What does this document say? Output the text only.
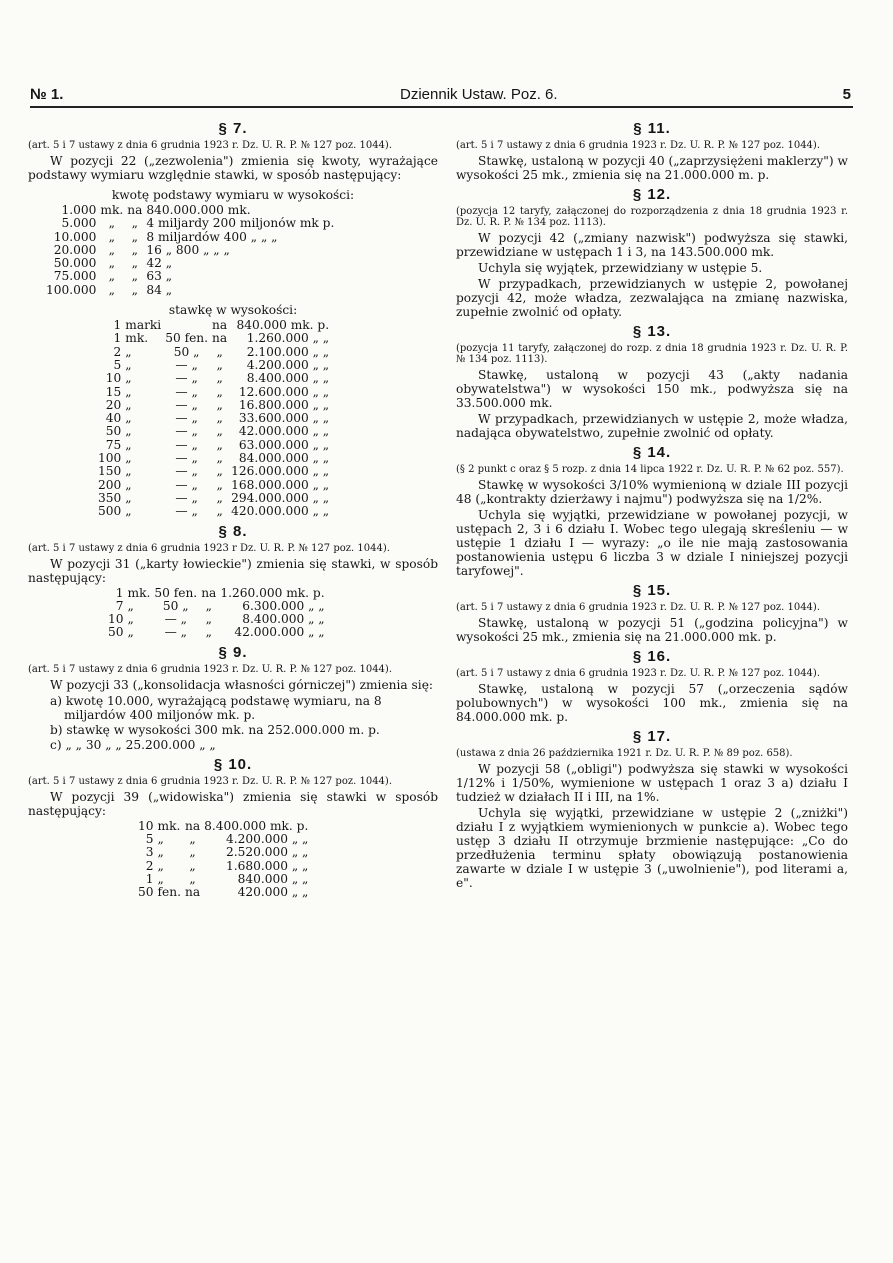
№ 1.	Dziennik Ustaw. Poz. 6.	5
§ 7.
(art. 5 i 7 ustawy z dnia 6 grudnia 1923 r. Dz. U. R. P. № 127 poz. 1044).
W pozycji 22 („zezwolenia") zmienia się kwoty, wyrażające podstawy wymiaru względnie stawki, w sposób następujący:
kwotę podstawy wymiaru w wysokości:
1.000	mk.	na	840.000.000 mk.
5.000	„	„	4 miljardy 200 miljonów mk p.
10.000	„	„	8 miljardów 400 „ „ „
20.000	„	„	16 „ 800 „ „ „
50.000	„	„	42 „
75.000	„	„	63 „
100.000	„	„	84 „
stawkę w wysokości:
1	marki		na	840.000 mk. p.
1	mk.	50 fen.	na	1.260.000 „ „
2	„	50 „	„	2.100.000 „ „
5	„	— „	„	4.200.000 „ „
10	„	— „	„	8.400.000 „ „
15	„	— „	„	12.600.000 „ „
20	„	— „	„	16.800.000 „ „
40	„	— „	„	33.600.000 „ „
50	„	— „	„	42.000.000 „ „
75	„	— „	„	63.000.000 „ „
100	„	— „	„	84.000.000 „ „
150	„	— „	„	126.000.000 „ „
200	„	— „	„	168.000.000 „ „
350	„	— „	„	294.000.000 „ „
500	„	— „	„	420.000.000 „ „
§ 8.
(art. 5 i 7 ustawy z dnia 6 grudnia 1923 r Dz. U. R. P. № 127 poz. 1044).
W pozycji 31 („karty łowieckie") zmienia się stawki, w sposób następujący:
1	mk.	50 fen.	na	1.260.000 mk. p.
7	„	50 „	„	6.300.000 „ „
10	„	— „	„	8.400.000 „ „
50	„	— „	„	42.000.000 „ „
§ 9.
(art. 5 i 7 ustawy z dnia 6 grudnia 1923 r. Dz. U. R. P. № 127 poz. 1044).
W pozycji 33 („konsolidacja własności górniczej") zmienia się:
a) kwotę 10.000, wyrażającą podstawę wymiaru, na 8 miljardów 400 miljonów mk. p.
b) stawkę w wysokości 300 mk. na 252.000.000 m. p.
c) „ „ 30 „ „ 25.200.000 „ „
§ 10.
(art. 5 i 7 ustawy z dnia 6 grudnia 1923 r. Dz. U. R. P. № 127 poz. 1044).
W pozycji 39 („widowiska") zmienia się stawki w sposób następujący:
10	mk.	na	8.400.000 mk. p.
5	„	„	4.200.000 „ „
3	„	„	2.520.000 „ „
2	„	„	1.680.000 „ „
1	„	„	840.000 „ „
50	fen.	na	420.000 „ „
§ 11.
(art. 5 i 7 ustawy z dnia 6 grudnia 1923 r. Dz. U. R. P. № 127 poz. 1044).
Stawkę, ustaloną w pozycji 40 („zaprzysiężeni maklerzy") w wysokości 25 mk., zmienia się na 21.000.000 m. p.
§ 12.
(pozycja 12 taryfy, załączonej do rozporządzenia z dnia 18 grudnia 1923 r. Dz. U. R. P. № 134 poz. 1113).
W pozycji 42 („zmiany nazwisk") podwyższa się stawki, przewidziane w ustępach 1 i 3, na 143.500.000 mk.
Uchyla się wyjątek, przewidziany w ustępie 5.
W przypadkach, przewidzianych w ustępie 2, powołanej pozycji 42, może władza, zezwalająca na zmianę nazwiska, zupełnie zwolnić od opłaty.
§ 13.
(pozycja 11 taryfy, załączonej do rozp. z dnia 18 grudnia 1923 r. Dz. U. R. P. № 134 poz. 1113).
Stawkę, ustaloną w pozycji 43 („akty nadania obywatelstwa") w wysokości 150 mk., podwyższa się na 33.500.000 mk.
W przypadkach, przewidzianych w ustępie 2, może władza, nadająca obywatelstwo, zupełnie zwolnić od opłaty.
§ 14.
(§ 2 punkt c oraz § 5 rozp. z dnia 14 lipca 1922 r. Dz. U. R. P. № 62 poz. 557).
Stawkę w wysokości 3/10% wymienioną w dziale III pozycji 48 („kontrakty dzierżawy i najmu") podwyższa się na 1/2%.
Uchyla się wyjątki, przewidziane w powołanej pozycji, w ustępach 2, 3 i 6 działu I. Wobec tego ulegają skreśleniu — w ustępie 1 działu I — wyrazy: „o ile nie mają zastosowania postanowienia ustępu 6 liczba 3 w dziale I niniejszej pozycji taryfowej".
§ 15.
(art. 5 i 7 ustawy z dnia 6 grudnia 1923 r. Dz. U. R. P. № 127 poz. 1044).
Stawkę, ustaloną w pozycji 51 („godzina policyjna") w wysokości 25 mk., zmienia się na 21.000.000 mk. p.
§ 16.
(art. 5 i 7 ustawy z dnia 6 grudnia 1923 r. Dz. U. R. P. № 127 poz. 1044).
Stawkę, ustaloną w pozycji 57 („orzeczenia sądów polubownych") w wysokości 100 mk., zmienia się na 84.000.000 mk. p.
§ 17.
(ustawa z dnia 26 października 1921 r. Dz. U. R. P. № 89 poz. 658).
W pozycji 58 („obligi") podwyższa się stawki w wysokości 1/12% i 1/50%, wymienione w ustępach 1 oraz 3 a) działu I tudzież w działach II i III, na 1%.
Uchyla się wyjątki, przewidziane w ustępie 2 („zniżki") działu I z wyjątkiem wymienionych w punkcie a). Wobec tego ustęp 3 działu II otrzymuje brzmienie następujące: „Co do przedłużenia terminu spłaty obowiązują postanowienia zawarte w dziale I w ustępie 3 („uwolnienie"), pod literami a, e".
